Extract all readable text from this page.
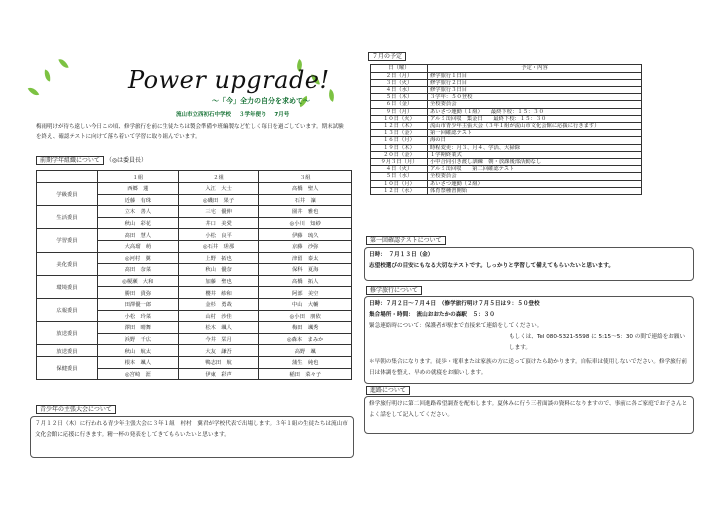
Power upgrade!
～「今」全力の自分を求めて～
流山市立西初石中学校 ３学年便り 7月号
梅雨明けが待ち遠しい今日この頃、修学旅行を前に生徒たちは製会準備や班編製など忙しく毎日を過ごしています。期末試験を終え、確認テストに向けて落ち着いて学習に取り組んでいます。
前期学年組織について （◎は委員長）
	１組	２組	３組
学級委員	西郷　蓮	入江　大士	髙橋　聖人
	近藤　有珠	◎磯田　果子	石井　凜
生活委員	立木　善人	三宅　優伸	園井　雅也
	秋山　彩花	井口　美愛	◎小川　知紗
学習委員	髙田　慧人	小松　良平	伊藤　琉久
	大高瑠　萌	◎石井　瑳那	京藤　沙弥
美化委員	◎河村　翼	上野　拓也	津留　泰太
	髙田　奈菜	秋山　優奈	保科　夏海
環境委員	◎榎瀬　大和	加藤　聖也	髙橋　拓人
	勝田　貴弥	櫻井　紗和	阿部　美空
広報委員	田澤優一郎	金杉　勇哉	中山　大輔
	小松　玲菜	山村　沙佳	◎小田　朋依
放送委員	澤田　晴舞	松木　颯人	梅田　颯秀
	浜野　千広	今井　栞月	◎森本　まみか
放送委員	秋山　航太	大友　謙吾	高野　颯
保健委員	根本　颯人	鴨志田　航	蒲生　純也
	◎宮崎　涯	伊東　彩声	稲田　菜々子
青少年の主張大会について
７月１２日（木）に行われる青少年主張大会に３年１組　村村　翼君が学校代表で出場します。３年１組の生徒たちは流山市文化会館に応援に行きます。精一杯の発表をしてきてもらいたいと思います。
７月の予定
日（曜）	予定・内容
２日（月）	修学旅行１日目
３日（火）	修学旅行２日目
４日（水）	修学旅行３日目
５日（木）	３学年：５０登校
６日（金）	全校委員会
９日（月）	あいさつ運動（１組）　　最終下校：１５：３０
１０日（火）	アルミ缶回収　集金日　　最終下校：１５：３０
１２日（木）	流山市青少年主張大会（３年１組が流山市文化会館に応援に行きます）
１３日（金）	第一回確認テスト
１６日（月）	海の日
１９日（木）	時程変更：月３、月４、学活、大掃除
２０日（金）	１学期終業式
９月３日（月）	小中合同引き渡し訓練　朝・放課後部活動なし
４日（火）	アルミ缶回収　　第二回確認テスト
５日（水）	全校委員会
１０日（月）	あいさつ運動（２組）
１２日（水）	体育祭種習開始
第一回確認テストについて
日時：　７月１３日（金）
志望校選びの目安にもなる大切なテストです。しっかりと学習して備えてもらいたいと思います。
修学旅行について
日時：７月２日〜７月４日　（修学旅行明け７月５日は９：５０登校
集合場所・時間：　流山おおたかの森駅　５：３０
緊急連絡時について：保護者が駅まで直接来て連絡をしてください。
もしくは、Tel 080-5321-5598 に 5:15〜5：30 の間で連絡をお願いします。
＊早朝の集合になります。徒歩・電車または家族の方に送って頂けたら助かります。自転車は使用しないでださい。修学旅行前日は体調を整え、早めの就寝をお願いします。
進路について
修学旅行明けに第二回進路希望調査を配布します。夏休みに行う三者面談の資料になりますので、事前に各ご家庭でお子さんとよく話をして記入してください。
